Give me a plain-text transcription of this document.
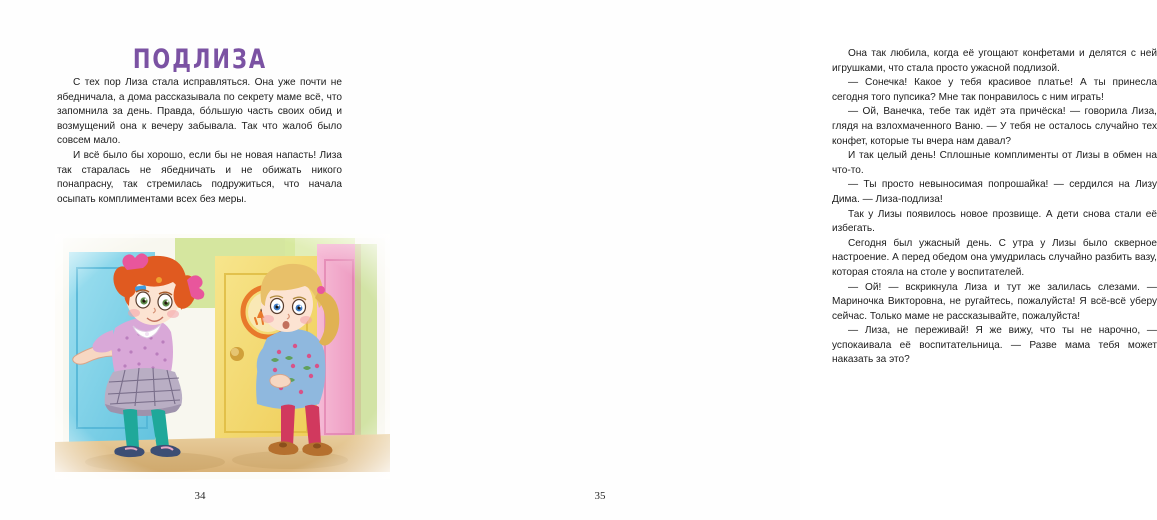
ПОДЛИЗА

С тех пор Лиза стала исправляться. Она уже почти не ябедничала, а дома рассказывала по секрету маме всё, что запомнила за день. Правда, бо́льшую часть своих обид и возмущений она к вечеру забывала. Так что жалоб было совсем мало.

И всё было бы хорошо, если бы не новая напасть! Лиза так старалась не ябедничать и не обижать никого понапрасну, так стремилась подружиться, что начала осыпать комплиментами всех без меры.

34

Она так любила, когда её угощают конфетами и делятся с ней игрушками, что стала просто ужасной подлизой.

— Сонечка! Какое у тебя красивое платье! А ты принесла сегодня того пупсика? Мне так понравилось с ним играть!

— Ой, Ванечка, тебе так идёт эта причёска! — говорила Лиза, глядя на взлохмаченного Ваню. — У тебя не осталось случайно тех конфет, которые ты вчера нам давал?

И так целый день! Сплошные комплименты от Лизы в обмен на что-то.

— Ты просто невыносимая попрошайка! — сердился на Лизу Дима. — Лиза-подлиза!

Так у Лизы появилось новое прозвище. А дети снова стали её избегать.

Сегодня был ужасный день. С утра у Лизы было скверное настроение. А перед обедом она умудрилась случайно разбить вазу, которая стояла на столе у воспитателей.

— Ой! — вскрикнула Лиза и тут же залилась слезами. — Мариночка Викторовна, не ругайтесь, пожалуйста! Я всё-всё уберу сейчас. Только маме не рассказывайте, пожалуйста!

— Лиза, не переживай! Я же вижу, что ты не нарочно, — успокаивала её воспитательница. — Разве мама тебя может наказать за это?

35
